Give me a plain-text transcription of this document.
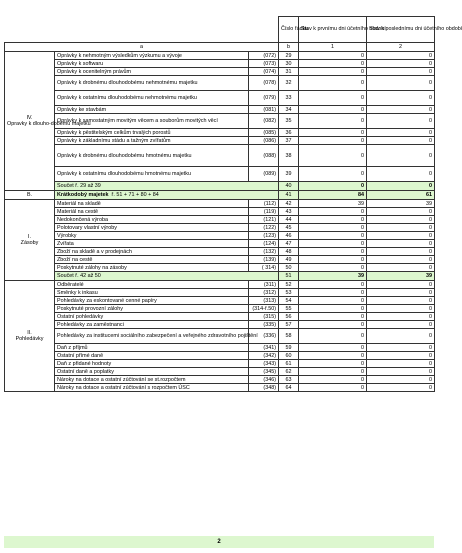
			Číslo řádku	Stav k prvnímu dni účetního období	Stav k poslednímu dni účetního období
a			b	1	2

IV.
Opravky k dlouho-dobému majetku	Oprávky k nehmotným výsledkům výzkumu a vývoje	(072)	29	0	0
	Oprávky k softwaru	(073)	30	0	0
	Oprávky k ocenitelným právům	(074)	31	0	0
	Oprávky k drobnému dlouhodobému nehmotnému majetku	(078)	32	0	0
	Oprávky k ostatnímu dlouhodobému nehmotnému majetku	(079)	33	0	0
	Oprávky ke stavbám	(081)	34	0	0
	Oprávky k samostatným movitým věcem a souborům movitých věcí	(082)	35	0	0
	Oprávky k pěstitelským celkům trvalých porostů	(085)	36	0	0
	Oprávky k základnímu stádu a tažným zvířatům	(086)	37	0	0
	Oprávky k drobnému dlouhodobému hmotnému majetku	(088)	38	0	0
	Oprávky k ostatnímu dlouhodobému hmotnému majetku	(089)	39	0	0
	Součet ř. 29 až 39		40	0	0

B.	Krátkodobý majetek ř. 51 + 71 + 80 + 84		41	84	61

I.
Zásoby	Materiál na skladě	(112)	42	39	39
	Materiál na cestě	(119)	43	0	0
	Nedokončená výroba	(121)	44	0	0
	Polotovary vlastní výroby	(122)	45	0	0
	Výrobky	(123)	46	0	0
	Zvířata	(124)	47	0	0
	Zboží na skladě a v prodejnách	(132)	48	0	0
	Zboží na cestě	(139)	49	0	0
	Poskytnuté zálohy na zásoby	( 314)	50	0	0
	Součet ř. 42 až 50		51	39	39

II.
Pohledávky	Odběratelé	(311)	52	0	0
	Směnky k inkasu	(312)	53	0	0
	Pohledávky za eskontované cenné papíry	(313)	54	0	0
	Poskytnuté provozní zálohy	(314-ř.50)	55	0	0
	Ostatní pohledávky	(315)	56	0	0
	Pohledávky za zaměstnanci	(335)	57	0	0
	Pohledávky za institucemi sociálního zabezpečení a veřejného zdravotního pojištění	(336)	58	0	0
	Daň z příjmů	(341)	59	0	0
	Ostatní přímé daně	(342)	60	0	0
	Daň z přidané hodnoty	(343)	61	0	0
	Ostatní daně a poplatky	(345)	62	0	0
	Nároky na dotace a ostatní zúčtování se st.rozpočtem	(346)	63	0	0
	Nároky na dotace a ostatní zúčtování s rozpočtem ÚSC	(348)	64	0	0
2
